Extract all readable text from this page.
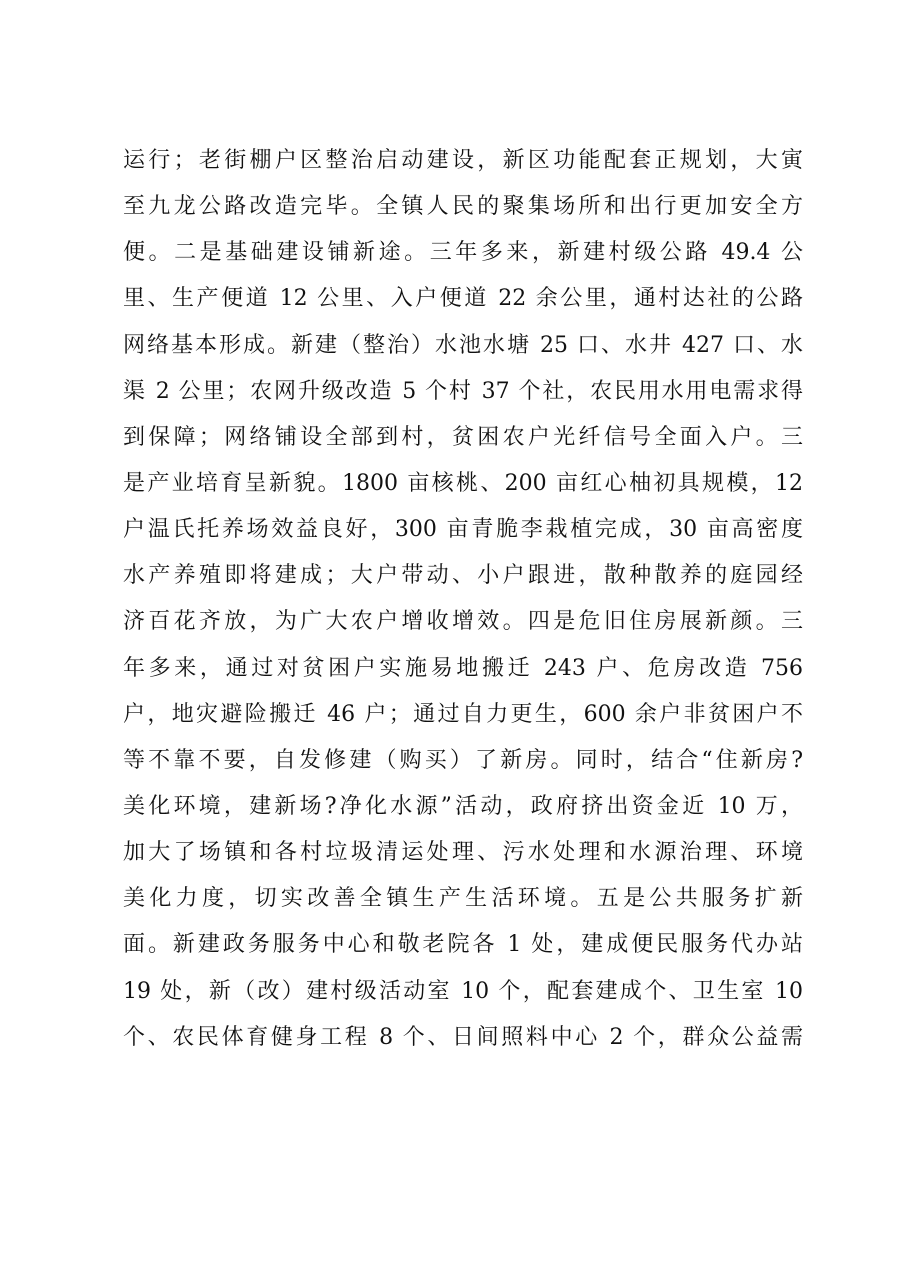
运行；老街棚户区整治启动建设，新区功能配套正规划，大寅
至九龙公路改造完毕。全镇人民的聚集场所和出行更加安全方
便。二是基础建设铺新途。三年多来，新建村级公路 49.4 公
里、生产便道 12 公里、入户便道 22 余公里，通村达社的公路
网络基本形成。新建（整治）水池水塘 25 口、水井 427 口、水
渠 2 公里；农网升级改造 5 个村 37 个社，农民用水用电需求得
到保障；网络铺设全部到村，贫困农户光纤信号全面入户。三
是产业培育呈新貌。1800 亩核桃、200 亩红心柚初具规模，12
户温氏托养场效益良好，300 亩青脆李栽植完成，30 亩高密度
水产养殖即将建成；大户带动、小户跟进，散种散养的庭园经
济百花齐放，为广大农户增收增效。四是危旧住房展新颜。三
年多来，通过对贫困户实施易地搬迁 243 户、危房改造 756
户，地灾避险搬迁 46 户；通过自力更生，600 余户非贫困户不
等不靠不要，自发修建（购买）了新房。同时，结合“住新房?
美化环境，建新场?净化水源”活动，政府挤出资金近 10 万，
加大了场镇和各村垃圾清运处理、污水处理和水源治理、环境
美化力度，切实改善全镇生产生活环境。五是公共服务扩新
面。新建政务服务中心和敬老院各 1 处，建成便民服务代办站
19 处，新（改）建村级活动室 10 个，配套建成个、卫生室 10
个、农民体育健身工程 8 个、日间照料中心 2 个，群众公益需
